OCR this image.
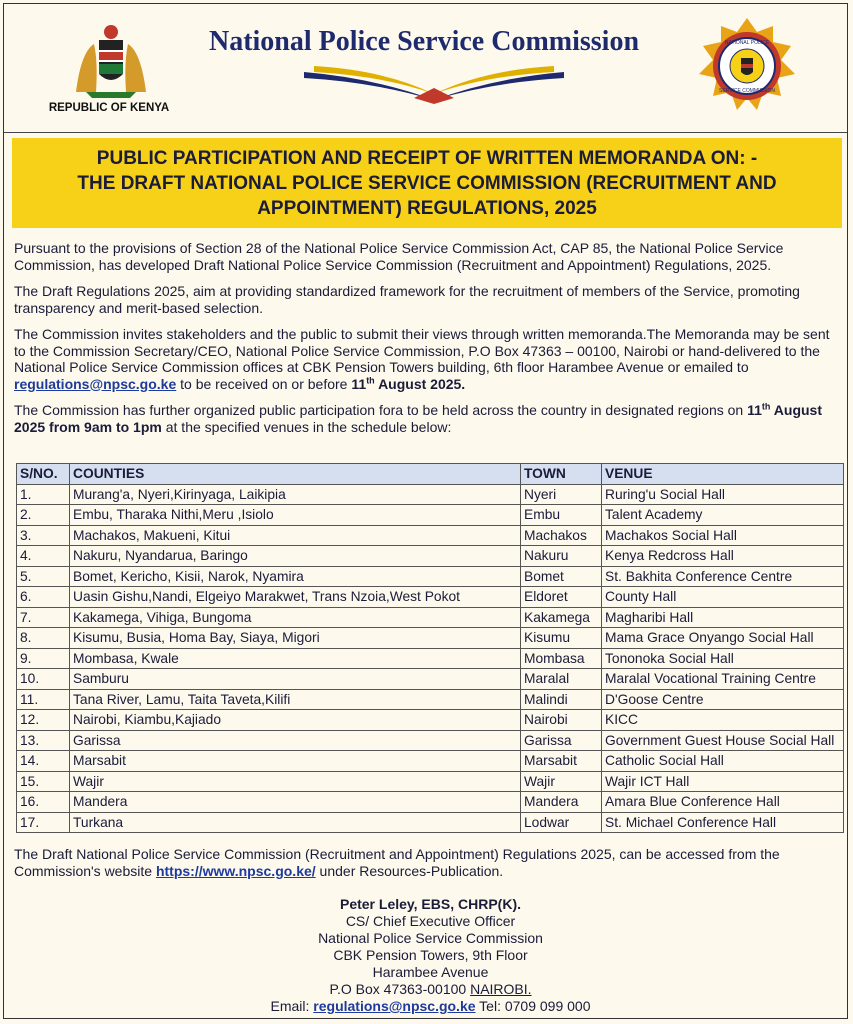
REPUBLIC OF KENYA
National Police Service Commission	NATIONAL POLICE
SERVICE COMMISSION
PUBLIC PARTICIPATION AND RECEIPT OF WRITTEN MEMORANDA ON: -
THE DRAFT NATIONAL POLICE SERVICE COMMISSION (RECRUITMENT AND
APPOINTMENT) REGULATIONS, 2025

Pursuant to the provisions of Section 28 of the National Police Service Commission Act, CAP 85, the National Police Service Commission, has developed Draft National Police Service Commission (Recruitment and Appointment) Regulations, 2025.

The Draft Regulations 2025, aim at providing standardized framework for the recruitment of members of the Service, promoting transparency and merit-based selection.

The Commission invites stakeholders and the public to submit their views through written memoranda.The Memoranda may be sent to the Commission Secretary/CEO, National Police Service Commission, P.O Box 47363 – 00100, Nairobi or hand-delivered to the National Police Service Commission offices at CBK Pension Towers building, 6th floor Harambee Avenue or emailed to regulations@npsc.go.ke to be received on or before 11th August 2025.

The Commission has further organized public participation fora to be held across the country in designated regions on 11th August 2025 from 9am to 1pm at the specified venues in the schedule below:

S/NO.	COUNTIES	TOWN	VENUE
1.	Murang'a, Nyeri,Kirinyaga, Laikipia	Nyeri	Ruring'u Social Hall
2.	Embu, Tharaka Nithi,Meru ,Isiolo	Embu	Talent Academy
3.	Machakos, Makueni, Kitui	Machakos	Machakos Social Hall
4.	Nakuru, Nyandarua, Baringo	Nakuru	Kenya Redcross Hall
5.	Bomet, Kericho, Kisii, Narok, Nyamira	Bomet	St. Bakhita Conference Centre
6.	Uasin Gishu,Nandi, Elgeiyo Marakwet, Trans Nzoia,West Pokot	Eldoret	County Hall
7.	Kakamega, Vihiga, Bungoma	Kakamega	Magharibi Hall
8.	Kisumu, Busia, Homa Bay, Siaya, Migori	Kisumu	Mama Grace Onyango Social Hall
9.	Mombasa, Kwale	Mombasa	Tononoka Social Hall
10.	Samburu	Maralal	Maralal Vocational Training Centre
11.	Tana River, Lamu, Taita Taveta,Kilifi	Malindi	D'Goose Centre
12.	Nairobi, Kiambu,Kajiado	Nairobi	KICC
13.	Garissa	Garissa	Government Guest House Social Hall
14.	Marsabit	Marsabit	Catholic Social Hall
15.	Wajir	Wajir	Wajir ICT Hall
16.	Mandera	Mandera	Amara Blue Conference Hall
17.	Turkana	Lodwar	St. Michael Conference Hall
The Draft National Police Service Commission (Recruitment and Appointment) Regulations 2025, can be accessed from the Commission's website https://www.npsc.go.ke/ under Resources-Publication.
Peter Leley, EBS, CHRP(K).
CS/ Chief Executive Officer
National Police Service Commission
CBK Pension Towers, 9th Floor
Harambee Avenue
P.O Box 47363-00100 NAIROBI.
Email: regulations@npsc.go.ke Tel: 0709 099 000
